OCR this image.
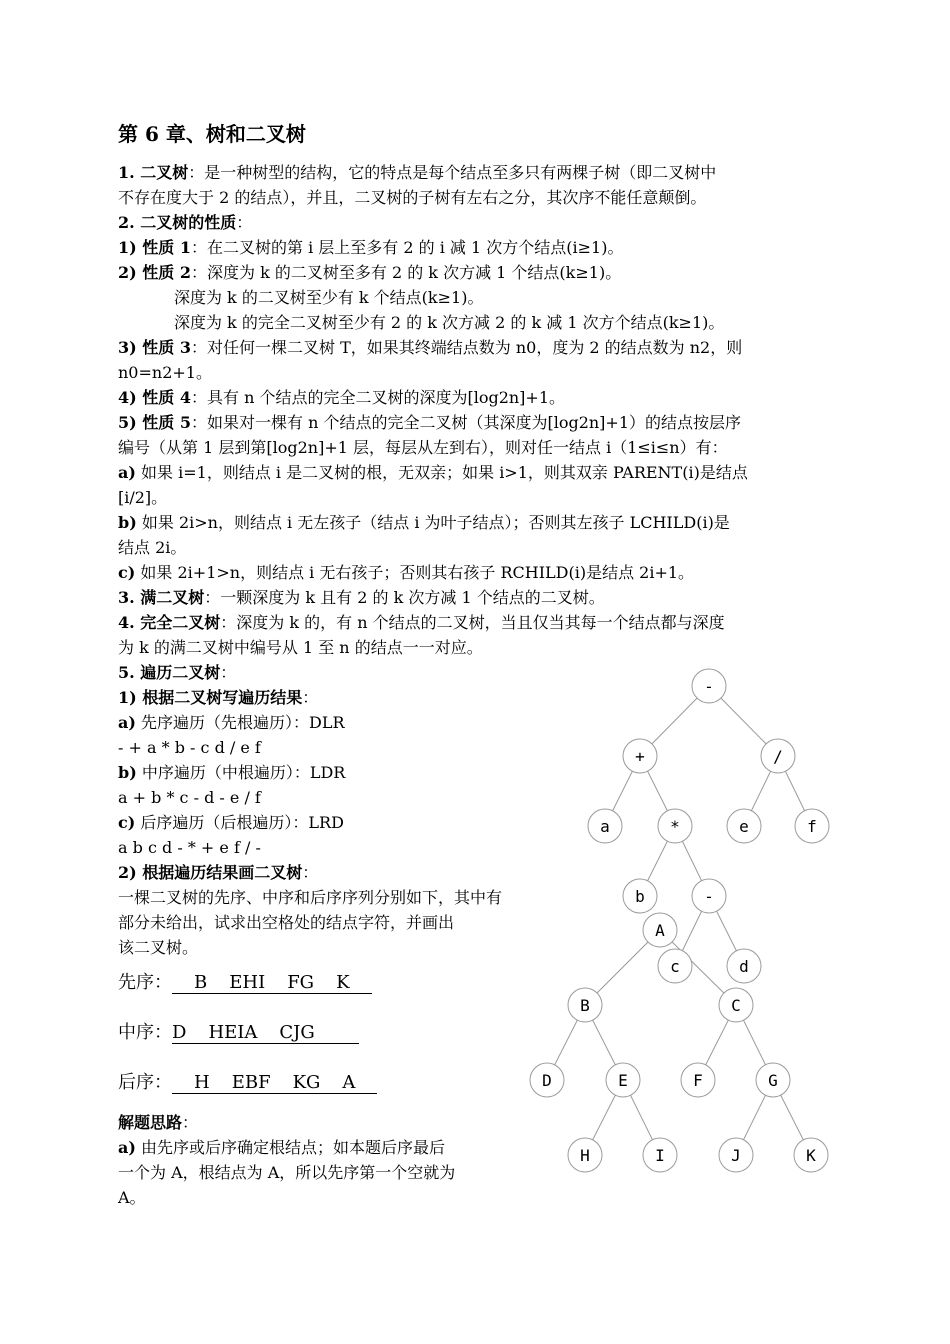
第 6 章、树和二叉树
1. 二叉树：是一种树型的结构，它的特点是每个结点至多只有两棵子树（即二叉树中
不存在度大于 2 的结点），并且，二叉树的子树有左右之分，其次序不能任意颠倒。
2. 二叉树的性质：
1) 性质 1：在二叉树的第 i 层上至多有 2 的 i 减 1 次方个结点(i≥1)。
2) 性质 2：深度为 k 的二叉树至多有 2 的 k 次方减 1 个结点(k≥1)。
深度为 k 的二叉树至少有 k 个结点(k≥1)。
深度为 k 的完全二叉树至少有 2 的 k 次方减 2 的 k 减 1 次方个结点(k≥1)。
3) 性质 3：对任何一棵二叉树 T，如果其终端结点数为 n0，度为 2 的结点数为 n2，则
n0=n2+1。
4) 性质 4：具有 n 个结点的完全二叉树的深度为[log2n]+1。
5) 性质 5：如果对一棵有 n 个结点的完全二叉树（其深度为[log2n]+1）的结点按层序
编号（从第 1 层到第[log2n]+1 层，每层从左到右），则对任一结点 i（1≤i≤n）有：
a) 如果 i=1，则结点 i 是二叉树的根，无双亲；如果 i>1，则其双亲 PARENT(i)是结点
[i/2]。
b) 如果 2i>n，则结点 i 无左孩子（结点 i 为叶子结点）；否则其左孩子 LCHILD(i)是
结点 2i。
c) 如果 2i+1>n，则结点 i 无右孩子；否则其右孩子 RCHILD(i)是结点 2i+1。
3. 满二叉树：一颗深度为 k 且有 2 的 k 次方减 1 个结点的二叉树。
4. 完全二叉树：深度为 k 的，有 n 个结点的二叉树，当且仅当其每一个结点都与深度
为 k 的满二叉树中编号从 1 至 n 的结点一一对应。
5. 遍历二叉树：
1) 根据二叉树写遍历结果：
a) 先序遍历（先根遍历）：DLR
- + a * b - c d / e f
b) 中序遍历（中根遍历）：LDR
a + b * c - d - e / f
c) 后序遍历（后根遍历）：LRD
a b c d - * + e f / -
2) 根据遍历结果画二叉树：
一棵二叉树的先序、中序和后序序列分别如下，其中有
部分未给出，试求出空格处的结点字符，并画出
该二叉树。
解题思路：
a) 由先序或后序确定根结点；如本题后序最后
一个为 A，根结点为 A，所以先序第一个空就为
A。
先序： B EHI FG K
中序：D HEIA CJG
后序： H EBF KG A
-
+	/
a	*	e	f
b	-
c	d
A
B	C
D	E	F	G
H	I	J	K
